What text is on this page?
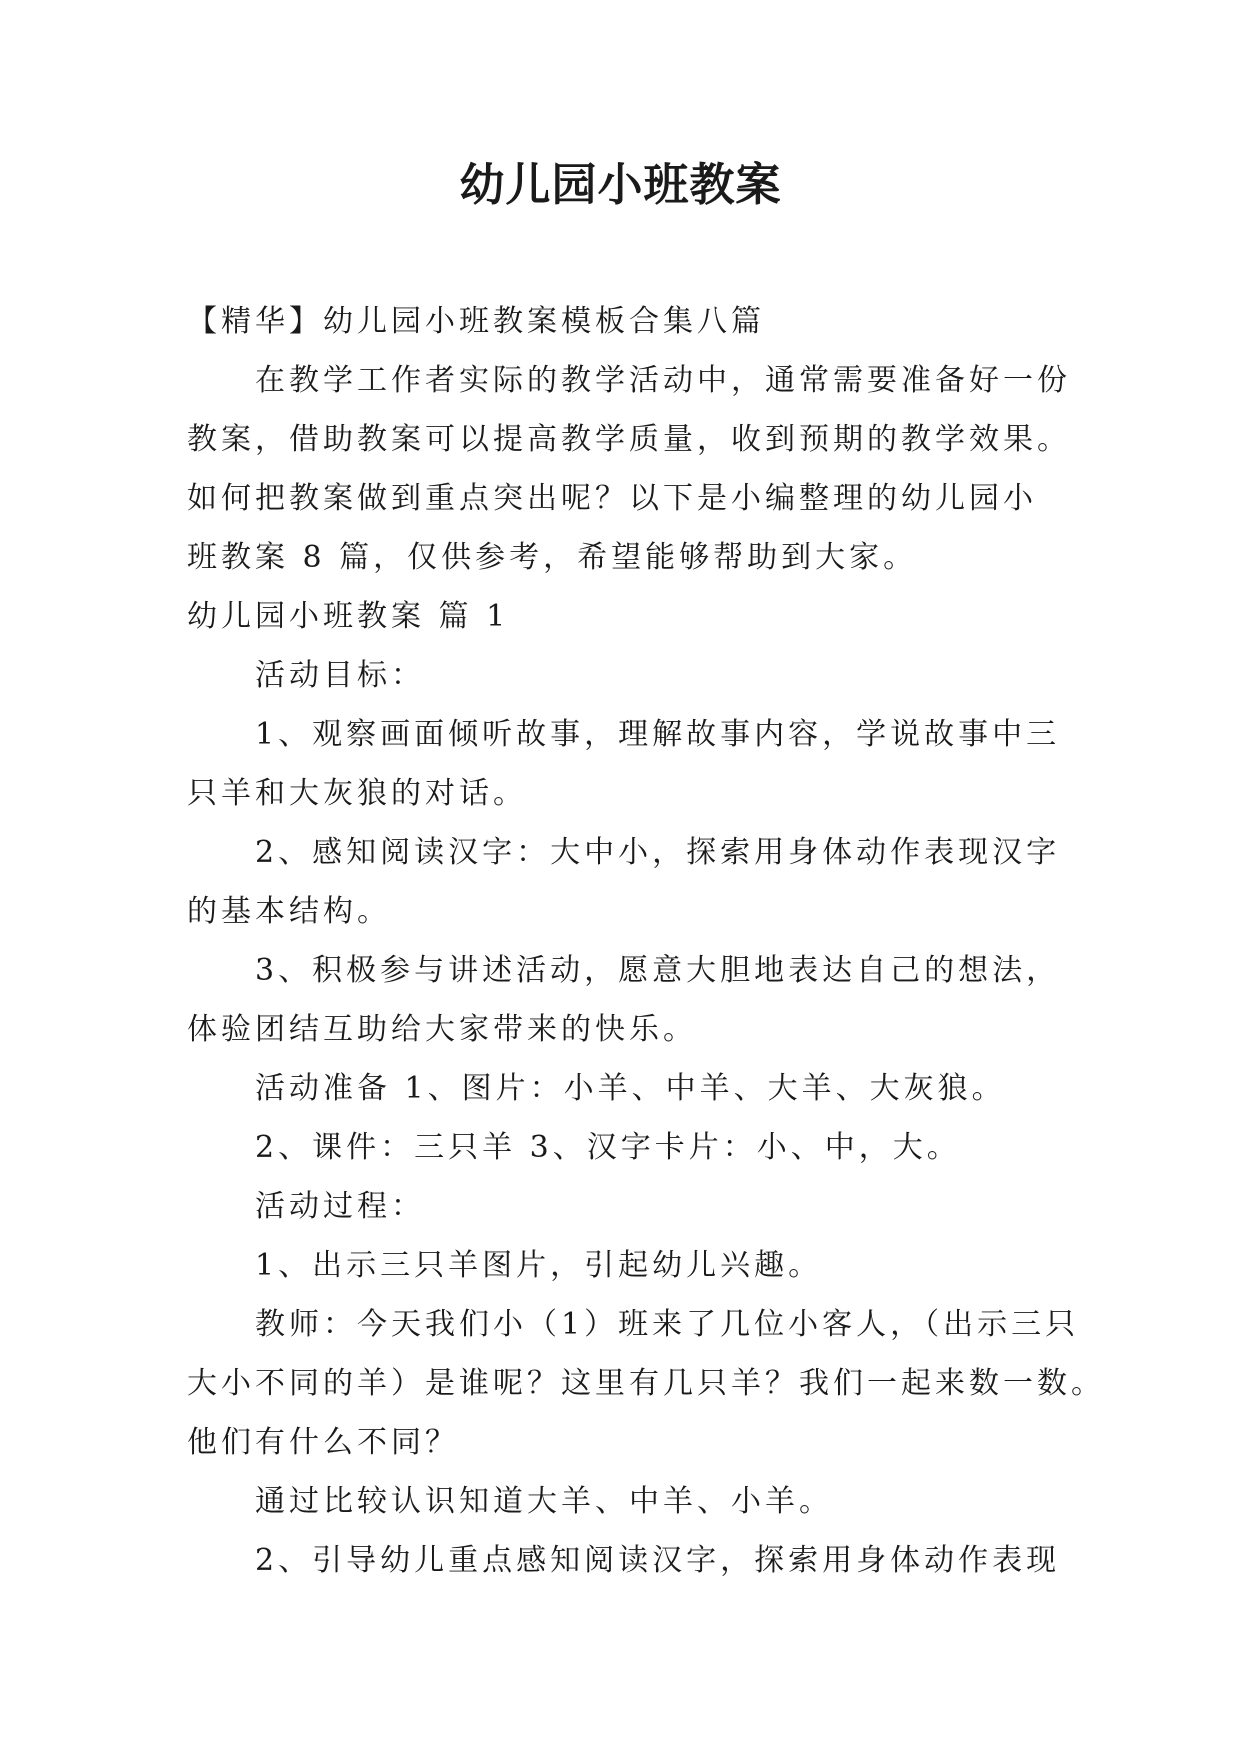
幼儿园小班教案
【精华】幼儿园小班教案模板合集八篇
在教学工作者实际的教学活动中，通常需要准备好一份
教案，借助教案可以提高教学质量，收到预期的教学效果。
如何把教案做到重点突出呢？以下是小编整理的幼儿园小
班教案 8 篇，仅供参考，希望能够帮助到大家。
幼儿园小班教案 篇 1
活动目标：
1、观察画面倾听故事，理解故事内容，学说故事中三
只羊和大灰狼的对话。
2、感知阅读汉字：大中小，探索用身体动作表现汉字
的基本结构。
3、积极参与讲述活动，愿意大胆地表达自己的想法，
体验团结互助给大家带来的快乐。
活动准备 1、图片：小羊、中羊、大羊、大灰狼。
2、课件：三只羊 3、汉字卡片：小、中，大。
活动过程：
1、出示三只羊图片，引起幼儿兴趣。
教师：今天我们小（1）班来了几位小客人，（出示三只
大小不同的羊）是谁呢？这里有几只羊？我们一起来数一数。
他们有什么不同？
通过比较认识知道大羊、中羊、小羊。
2、引导幼儿重点感知阅读汉字，探索用身体动作表现
